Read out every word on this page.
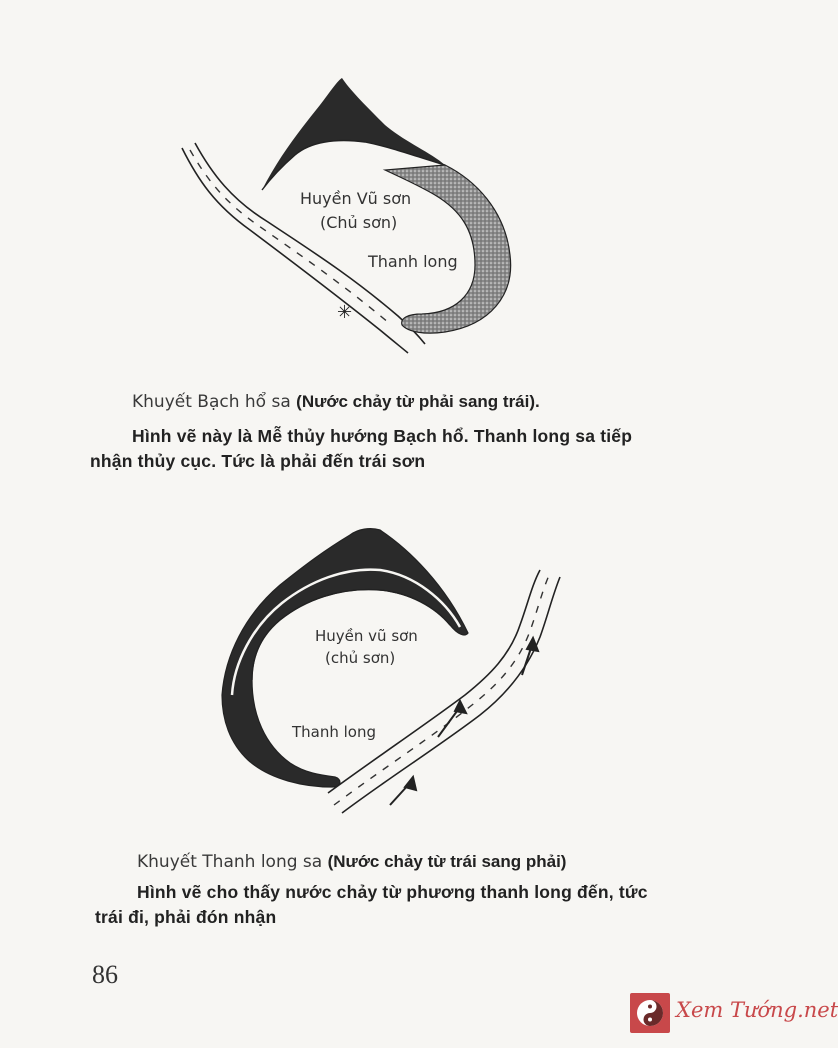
Huyền Vũ sơn
(Chủ sơn)
Thanh long
✳
Khuyết Bạch hổ sa (Nước chảy từ phải sang trái).
Hình vẽ này là Mễ thủy hướng Bạch hổ. Thanh long sa tiếp
nhận thủy cục. Tức là phải đến trái sơn
Huyền vũ sơn
(chủ sơn)
Thanh long
Khuyết Thanh long sa (Nước chảy từ trái sang phải)
Hình vẽ cho thấy nước chảy từ phương thanh long đến, tức
trái đi, phải đón nhận
86
Xem Tướng.net
